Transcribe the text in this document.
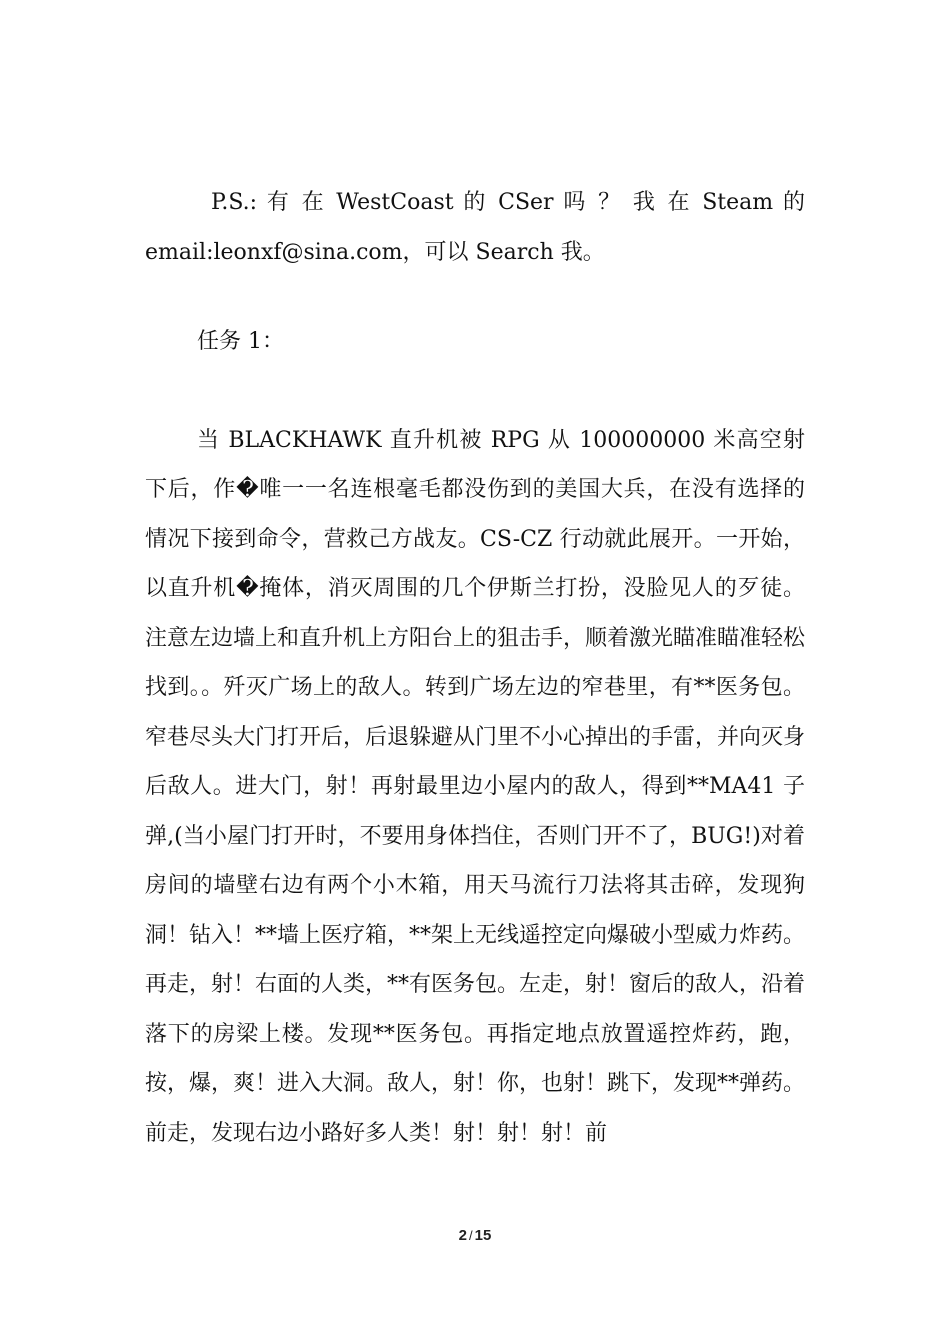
P.S.: 有 在 WestCoast 的 CSer 吗 ？ 我 在 Steam 的
email:leonxf@sina.com，可以 Search 我。

任务 1：

当 BLACKHAWK 直升机被 RPG 从 100000000 米高空射下后，作�唯一一名连根毫毛都没伤到的美国大兵，在没有选择的情况下接到命令，营救己方战友。CS-CZ 行动就此展开。一开始，以直升机�掩体，消灭周围的几个伊斯兰打扮，没脸见人的歹徒。注意左边墙上和直升机上方阳台上的狙击手，顺着激光瞄准瞄准轻松找到。。歼灭广场上的敌人。转到广场左边的窄巷里，有**医务包。窄巷尽头大门打开后，后退躲避从门里不小心掉出的手雷，并向灭身后敌人。进大门，射！再射最里边小屋内的敌人，得到**MA41 子弹,(当小屋门打开时，不要用身体挡住，否则门开不了，BUG!)对着房间的墙壁右边有两个小木箱，用天马流行刀法将其击碎，发现狗洞！钻入！**墙上医疗箱，**架上无线遥控定向爆破小型威力炸药。再走，射！右面的人类，**有医务包。左走，射！窗后的敌人，沿着落下的房梁上楼。发现**医务包。再指定地点放置遥控炸药，跑，按，爆，爽！进入大洞。敌人，射！你，也射！跳下，发现**弹药。前走，发现右边小路好多人类！射！射！射！前

2 / 15
